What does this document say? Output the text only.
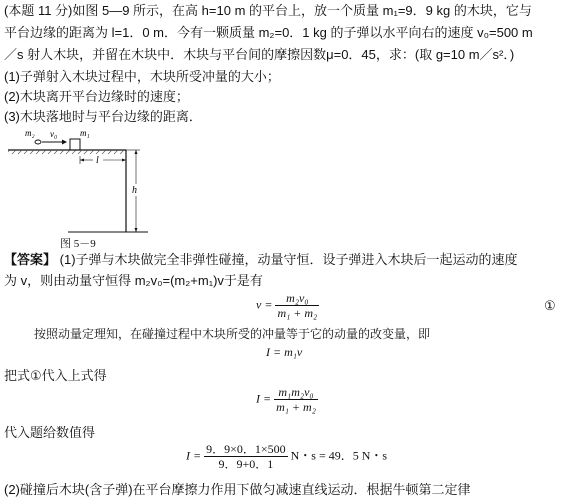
(本题 11 分)如图 5—9 所示，在高 h=10 m 的平台上，放一个质量 m₁=9．9 kg 的木块，它与
平台边缘的距离为 l=1．0 m．今有一颗质量 m₂=0．1 kg 的子弹以水平向右的速度 v₀=500 m
／s 射人木块，并留在木块中．木块与平台间的摩擦因数μ=0．45，求：(取 g=10 m／s²．)
(1)子弹射入木块过程中，木块所受冲量的大小；
(2)木块离开平台边缘时的速度；
(3)木块落地时与平台边缘的距离．
m₂ v₀	m₁
l
h
图 5－9
【答案】 (1)子弹与木块做完全非弹性碰撞，动量守恒．设子弹进入木块后一起运动的速度
为 v，则由动量守恒得 m₂v₀=(m₂+m₁)v于是有
$v = \frac{\text{m₂v₀}}{\text{m₁ + m₂}}$	①
按照动量定理知，在碰撞过程中木块所受的冲量等于它的动量的改变量，即
I = m₁v
把式①代入上式得
$I = \frac{\text{m₁m₂v₀}}{\text{m₁ + m₂}}$
代入题给数值得
$I = \frac{9.9\times 0.1\times 500}{9.9+0.1}$ N・s = 49．5 N・s
(2)碰撞后木块(含子弹)在平台摩擦力作用下做匀减速直线运动．根据牛顿第二定律
